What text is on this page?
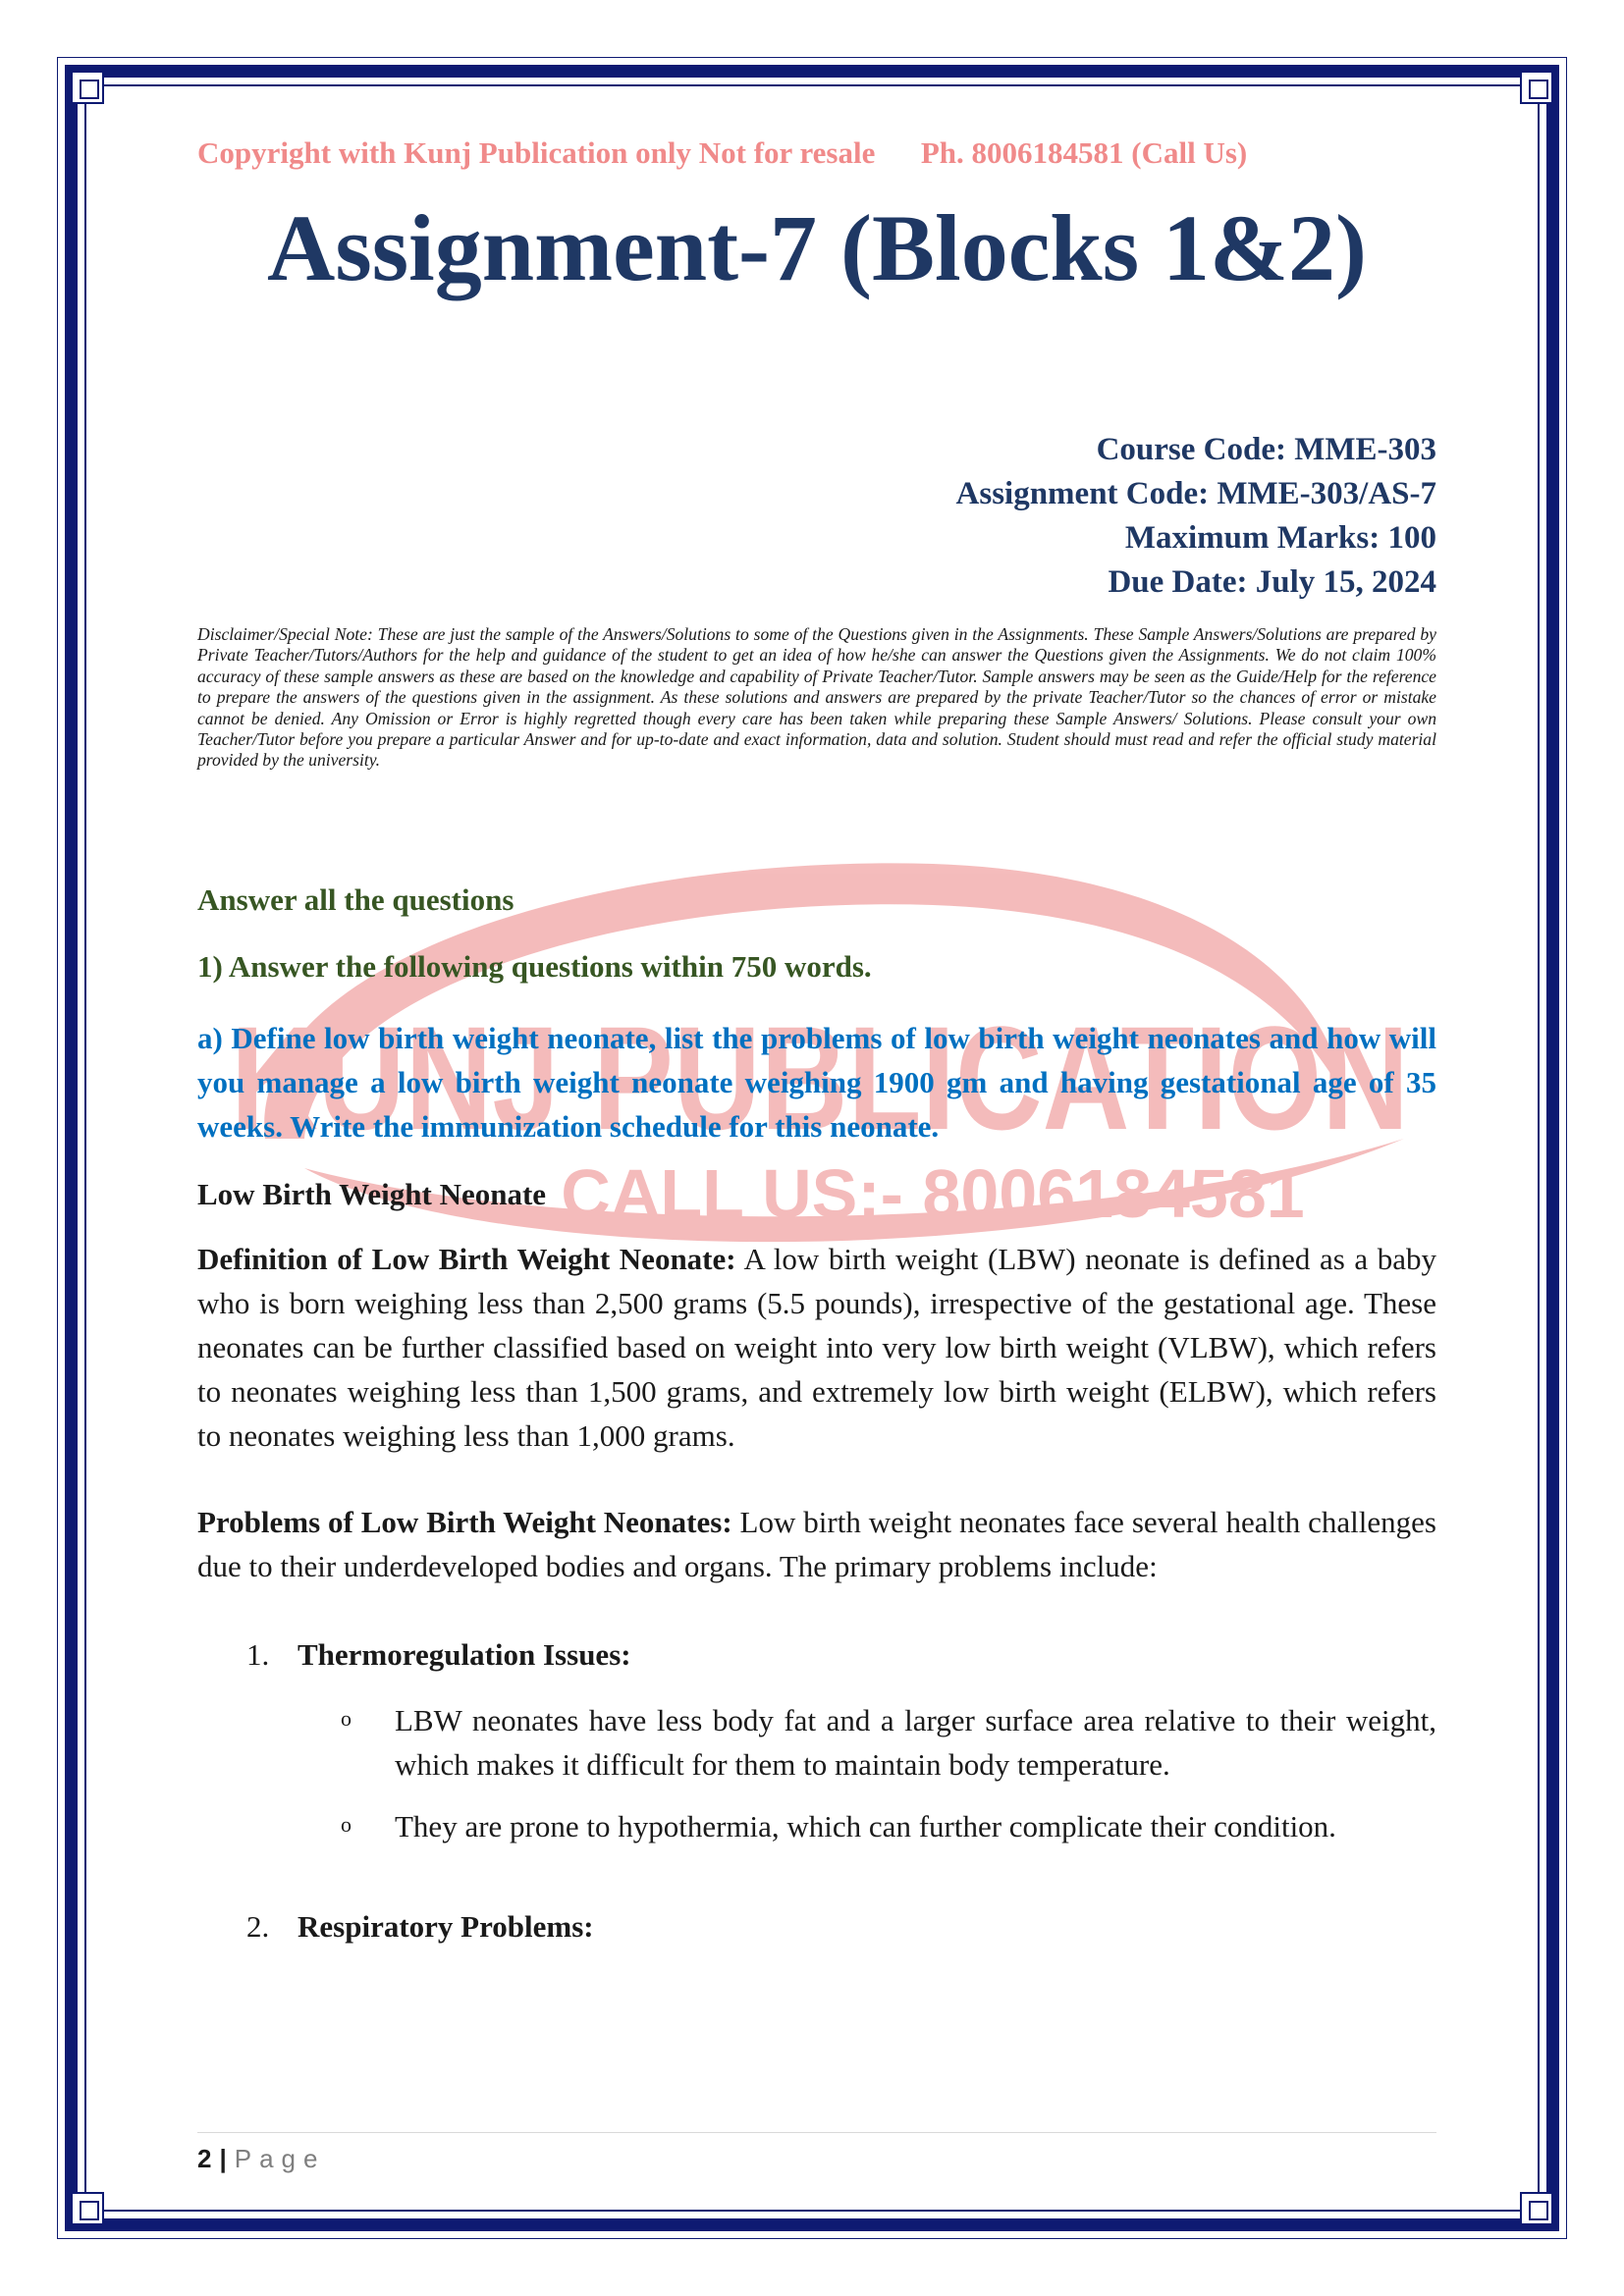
KUNJ PUBLICATION
CALL US:- 8006184581
Copyright with Kunj Publication only Not for resale      Ph. 8006184581 (Call Us)
Assignment-7 (Blocks 1&2)
Course Code: MME-303
Assignment Code: MME-303/AS-7
Maximum Marks: 100
Due Date: July 15, 2024
Disclaimer/Special Note: These are just the sample of the Answers/Solutions to some of the Questions given in the Assignments. These Sample Answers/Solutions are prepared by Private Teacher/Tutors/Authors for the help and guidance of the student to get an idea of how he/she can answer the Questions given the Assignments. We do not claim 100% accuracy of these sample answers as these are based on the knowledge and capability of Private Teacher/Tutor. Sample answers may be seen as the Guide/Help for the reference to prepare the answers of the questions given in the assignment. As these solutions and answers are prepared by the private Teacher/Tutor so the chances of error or mistake cannot be denied. Any Omission or Error is highly regretted though every care has been taken while preparing these Sample Answers/ Solutions. Please consult your own Teacher/Tutor before you prepare a particular Answer and for up-to-date and exact information, data and solution. Student should must read and refer the official study material provided by the university.
Answer all the questions
1) Answer the following questions within 750 words.
a) Define low birth weight neonate, list the problems of low birth weight neonates and how will you manage a low birth weight neonate weighing 1900 gm and having gestational age of 35 weeks. Write the immunization schedule for this neonate.
Low Birth Weight Neonate
Definition of Low Birth Weight Neonate: A low birth weight (LBW) neonate is defined as a baby who is born weighing less than 2,500 grams (5.5 pounds), irrespective of the gestational age. These neonates can be further classified based on weight into very low birth weight (VLBW), which refers to neonates weighing less than 1,500 grams, and extremely low birth weight (ELBW), which refers to neonates weighing less than 1,000 grams.
Problems of Low Birth Weight Neonates: Low birth weight neonates face several health challenges due to their underdeveloped bodies and organs. The primary problems include:
1. Thermoregulation Issues:
o LBW neonates have less body fat and a larger surface area relative to their weight, which makes it difficult for them to maintain body temperature.
o They are prone to hypothermia, which can further complicate their condition.
2. Respiratory Problems:
2 | Page
